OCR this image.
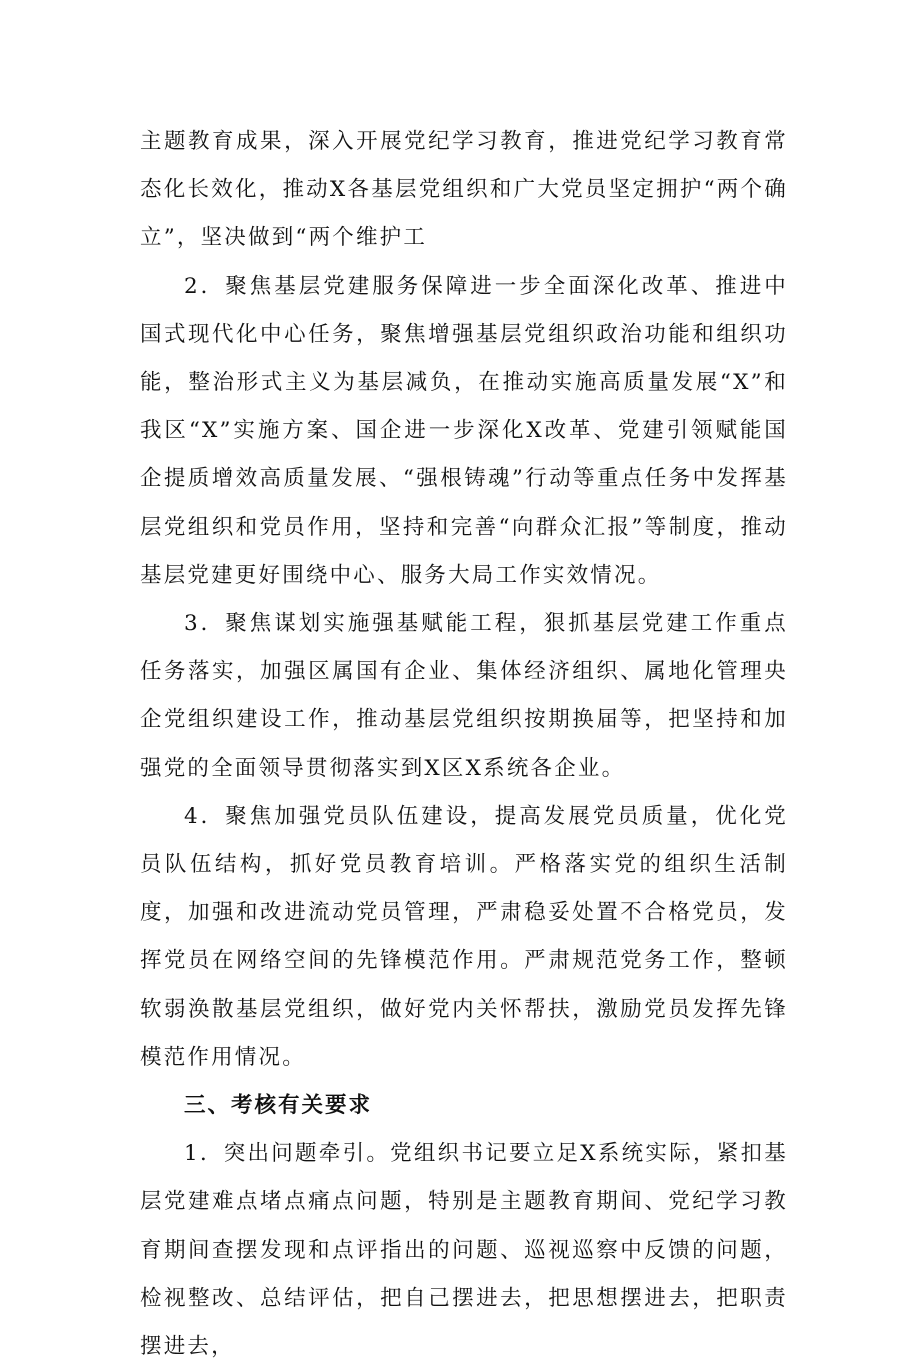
主题教育成果，深入开展党纪学习教育，推进党纪学习教育常态化长效化，推动X各基层党组织和广大党员坚定拥护“两个确立”，坚决做到“两个维护工

2．聚焦基层党建服务保障进一步全面深化改革、推进中国式现代化中心任务，聚焦增强基层党组织政治功能和组织功能，整治形式主义为基层减负，在推动实施高质量发展“X”和我区“X”实施方案、国企进一步深化X改革、党建引领赋能国企提质增效高质量发展、“强根铸魂”行动等重点任务中发挥基层党组织和党员作用，坚持和完善“向群众汇报”等制度，推动基层党建更好围绕中心、服务大局工作实效情况。

3．聚焦谋划实施强基赋能工程，狠抓基层党建工作重点任务落实，加强区属国有企业、集体经济组织、属地化管理央企党组织建设工作，推动基层党组织按期换届等，把坚持和加强党的全面领导贯彻落实到X区X系统各企业。

4．聚焦加强党员队伍建设，提高发展党员质量，优化党员队伍结构，抓好党员教育培训。严格落实党的组织生活制度，加强和改进流动党员管理，严肃稳妥处置不合格党员，发挥党员在网络空间的先锋模范作用。严肃规范党务工作，整顿软弱涣散基层党组织，做好党内关怀帮扶，激励党员发挥先锋模范作用情况。

三、考核有关要求

1．突出问题牵引。党组织书记要立足X系统实际，紧扣基层党建难点堵点痛点问题，特别是主题教育期间、党纪学习教育期间查摆发现和点评指出的问题、巡视巡察中反馈的问题，检视整改、总结评估，把自己摆进去，把思想摆进去，把职责摆进去，
